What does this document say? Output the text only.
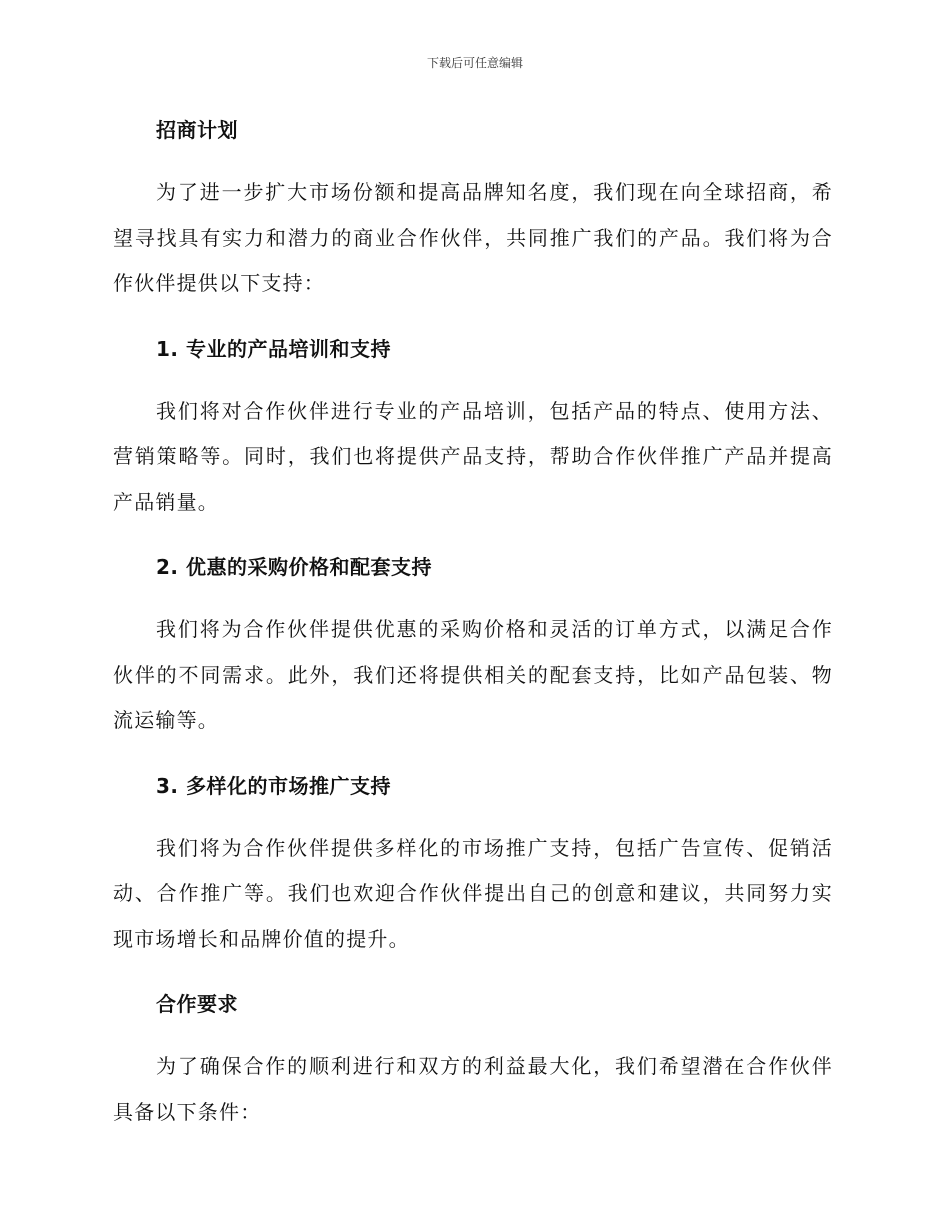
下载后可任意编辑
招商计划

为了进一步扩大市场份额和提高品牌知名度，我们现在向全球招商，希望寻找具有实力和潜力的商业合作伙伴，共同推广我们的产品。我们将为合作伙伴提供以下支持：

1. 专业的产品培训和支持

我们将对合作伙伴进行专业的产品培训，包括产品的特点、使用方法、营销策略等。同时，我们也将提供产品支持，帮助合作伙伴推广产品并提高产品销量。

2. 优惠的采购价格和配套支持

我们将为合作伙伴提供优惠的采购价格和灵活的订单方式，以满足合作伙伴的不同需求。此外，我们还将提供相关的配套支持，比如产品包装、物流运输等。

3. 多样化的市场推广支持

我们将为合作伙伴提供多样化的市场推广支持，包括广告宣传、促销活动、合作推广等。我们也欢迎合作伙伴提出自己的创意和建议，共同努力实现市场增长和品牌价值的提升。

合作要求

为了确保合作的顺利进行和双方的利益最大化，我们希望潜在合作伙伴具备以下条件：
